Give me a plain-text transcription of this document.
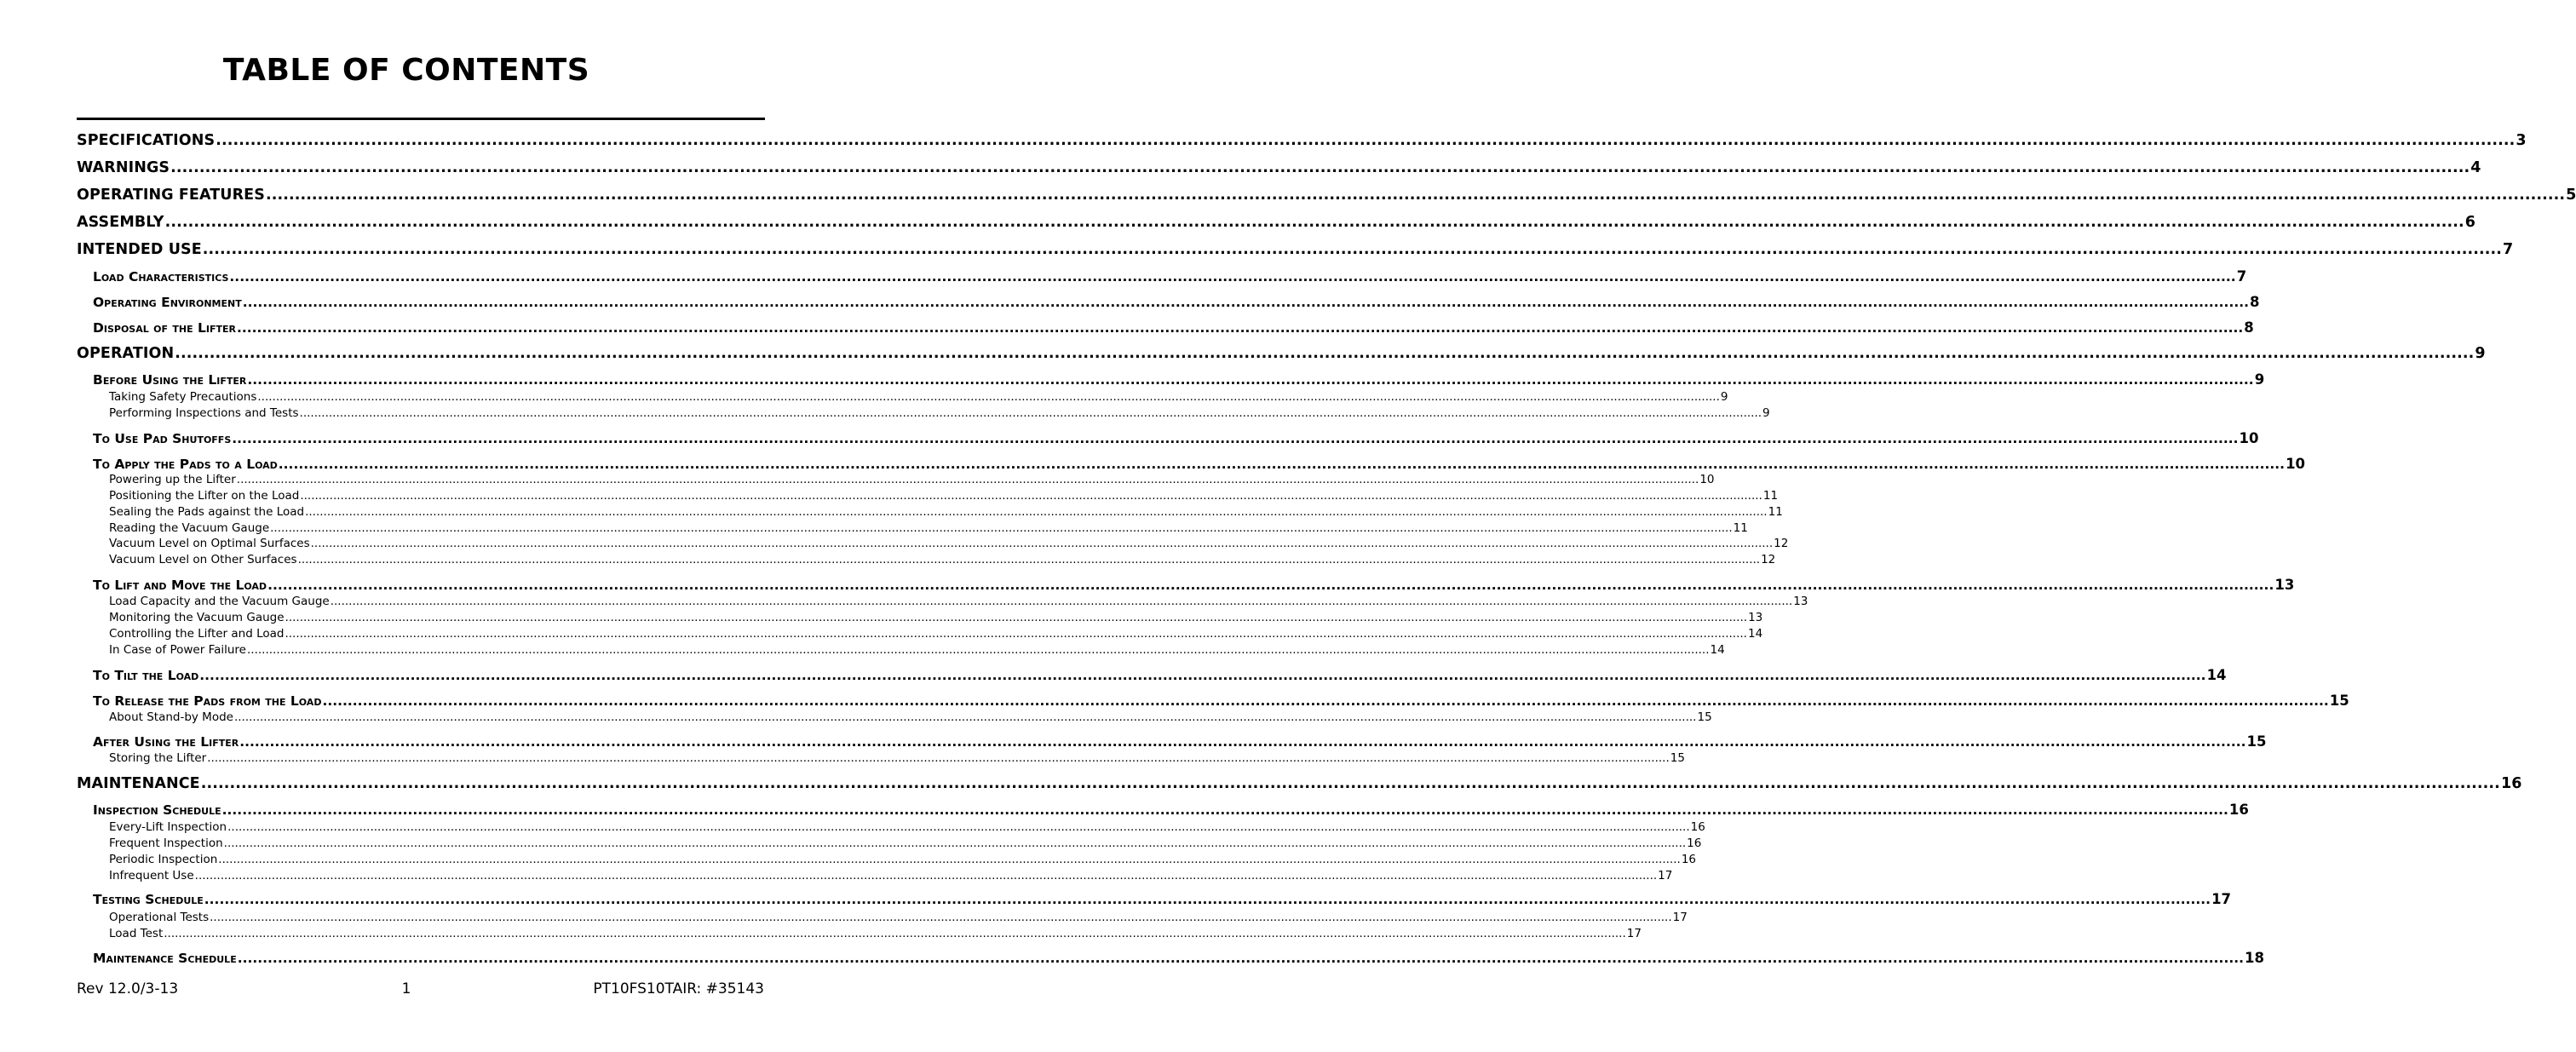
TABLE OF CONTENTS
SPECIFICATIONS ................................................................................................................................................................................................................................................................................................................................................................................................................ 3
WARNINGS ................................................................................................................................................................................................................................................................................................................................................................................................................ 4
OPERATING FEATURES ................................................................................................................................................................................................................................................................................................................................................................................................................ 5
ASSEMBLY ................................................................................................................................................................................................................................................................................................................................................................................................................ 6
INTENDED USE ................................................................................................................................................................................................................................................................................................................................................................................................................ 7
Load Characteristics ................................................................................................................................................................................................................................................................................................................................................................................................................ 7
Operating Environment ................................................................................................................................................................................................................................................................................................................................................................................................................ 8
Disposal of the Lifter ................................................................................................................................................................................................................................................................................................................................................................................................................ 8
OPERATION ................................................................................................................................................................................................................................................................................................................................................................................................................ 9
Before Using the Lifter ................................................................................................................................................................................................................................................................................................................................................................................................................ 9
Taking Safety Precautions ................................................................................................................................................................................................................................................................................................................................................................................................................ 9
Performing Inspections and Tests ................................................................................................................................................................................................................................................................................................................................................................................................................ 9
To Use Pad Shutoffs ................................................................................................................................................................................................................................................................................................................................................................................................................ 10
To Apply the Pads to a Load ................................................................................................................................................................................................................................................................................................................................................................................................................ 10
Powering up the Lifter ................................................................................................................................................................................................................................................................................................................................................................................................................ 10
Positioning the Lifter on the Load ................................................................................................................................................................................................................................................................................................................................................................................................................ 11
Sealing the Pads against the Load ................................................................................................................................................................................................................................................................................................................................................................................................................ 11
Reading the Vacuum Gauge ................................................................................................................................................................................................................................................................................................................................................................................................................ 11
Vacuum Level on Optimal Surfaces ................................................................................................................................................................................................................................................................................................................................................................................................................ 12
Vacuum Level on Other Surfaces ................................................................................................................................................................................................................................................................................................................................................................................................................ 12
To Lift and Move the Load ................................................................................................................................................................................................................................................................................................................................................................................................................ 13
Load Capacity and the Vacuum Gauge ................................................................................................................................................................................................................................................................................................................................................................................................................ 13
Monitoring the Vacuum Gauge ................................................................................................................................................................................................................................................................................................................................................................................................................ 13
Controlling the Lifter and Load ................................................................................................................................................................................................................................................................................................................................................................................................................ 14
In Case of Power Failure ................................................................................................................................................................................................................................................................................................................................................................................................................ 14
To Tilt the Load ................................................................................................................................................................................................................................................................................................................................................................................................................ 14
To Release the Pads from the Load ................................................................................................................................................................................................................................................................................................................................................................................................................ 15
About Stand-by Mode ................................................................................................................................................................................................................................................................................................................................................................................................................ 15
After Using the Lifter ................................................................................................................................................................................................................................................................................................................................................................................................................ 15
Storing the Lifter ................................................................................................................................................................................................................................................................................................................................................................................................................ 15
MAINTENANCE ................................................................................................................................................................................................................................................................................................................................................................................................................ 16
Inspection Schedule ................................................................................................................................................................................................................................................................................................................................................................................................................ 16
Every-Lift Inspection ................................................................................................................................................................................................................................................................................................................................................................................................................ 16
Frequent Inspection ................................................................................................................................................................................................................................................................................................................................................................................................................ 16
Periodic Inspection ................................................................................................................................................................................................................................................................................................................................................................................................................ 16
Infrequent Use ................................................................................................................................................................................................................................................................................................................................................................................................................ 17
Testing Schedule ................................................................................................................................................................................................................................................................................................................................................................................................................ 17
Operational Tests ................................................................................................................................................................................................................................................................................................................................................................................................................ 17
Load Test ................................................................................................................................................................................................................................................................................................................................................................................................................ 17
Maintenance Schedule ................................................................................................................................................................................................................................................................................................................................................................................................................ 18
Rev 12.0/3-13	1	PT10FS10TAIR: #35143
